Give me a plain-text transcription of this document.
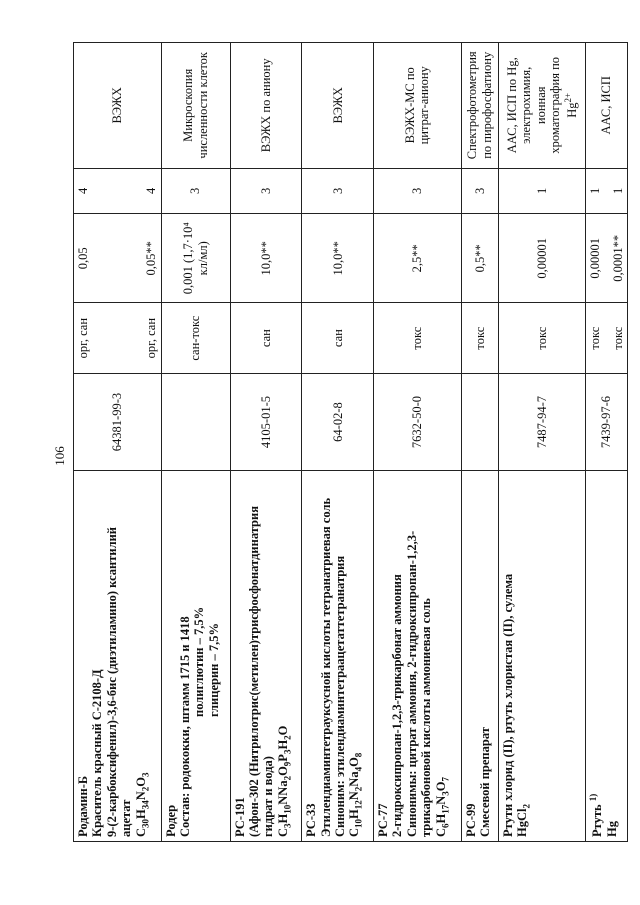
106
Родамин-Б Краситель красный С-2108-Д 9-(2-карбоксифенил)-3,6-бис (диэтиламино) ксантилий ацетат $C_{30}H_{34}N_2O_3$	64381-99-3	орг, сан	0,05	4	ВЭЖХ
		орг, сан	0,05**	4	

Родер Состав: родококки, штамм 1715 и 1418 полиглютин – 7,5% глицерин – 7,5%		сан-токс	0,001 (1,7·10⁴ кл/мл)	3	Микроскопия численности клеток

РС-191 (Афон-302 (Нитрилотрис(метилен)трисфосфонатдинатрия гидрат и вода) $C_3H_{10}NNa_2O_9P_3H_2O$	4105-01-5	сан	10,0**	3	ВЭЖХ по аниону

РС-33 Этилендиаминтетрауксусной кислоты тетранатриевая соль Синоним: этилендиаминтетраацетаттетранатрия $C_{10}H_{12}N_2Na_4O_8$	64-02-8	сан	10,0**	3	ВЭЖХ

РС-77 2-гидроксипропан-1,2,3-трикарбонат аммония Синонимы: цитрат аммония, 2-гидроксипропан-1,2,3- трикарбоновой кислоты аммониевая соль $C_6H_{17}N_3O_7$	7632-50-0	токс	2,5**	3	ВЭЖХ-МС по цитрат-аниону

РС-99 Смесевой препарат		токс	0,5**	3	Спектрофотометрия по пирофосфатиону

Ртути хлорид (II), ртуть хлористая (II), сулема HgCl$_2$	7487-94-7	токс	0,00001	1	ААС, ИСП по Hg, электрохимия, ионная хроматография по $Hg^{2+}$

Ртуть $^{1)}$
Hg	7439-97-6	токс	0,00001	1	ААС, ИСП
		токс	0,0001**	1	
